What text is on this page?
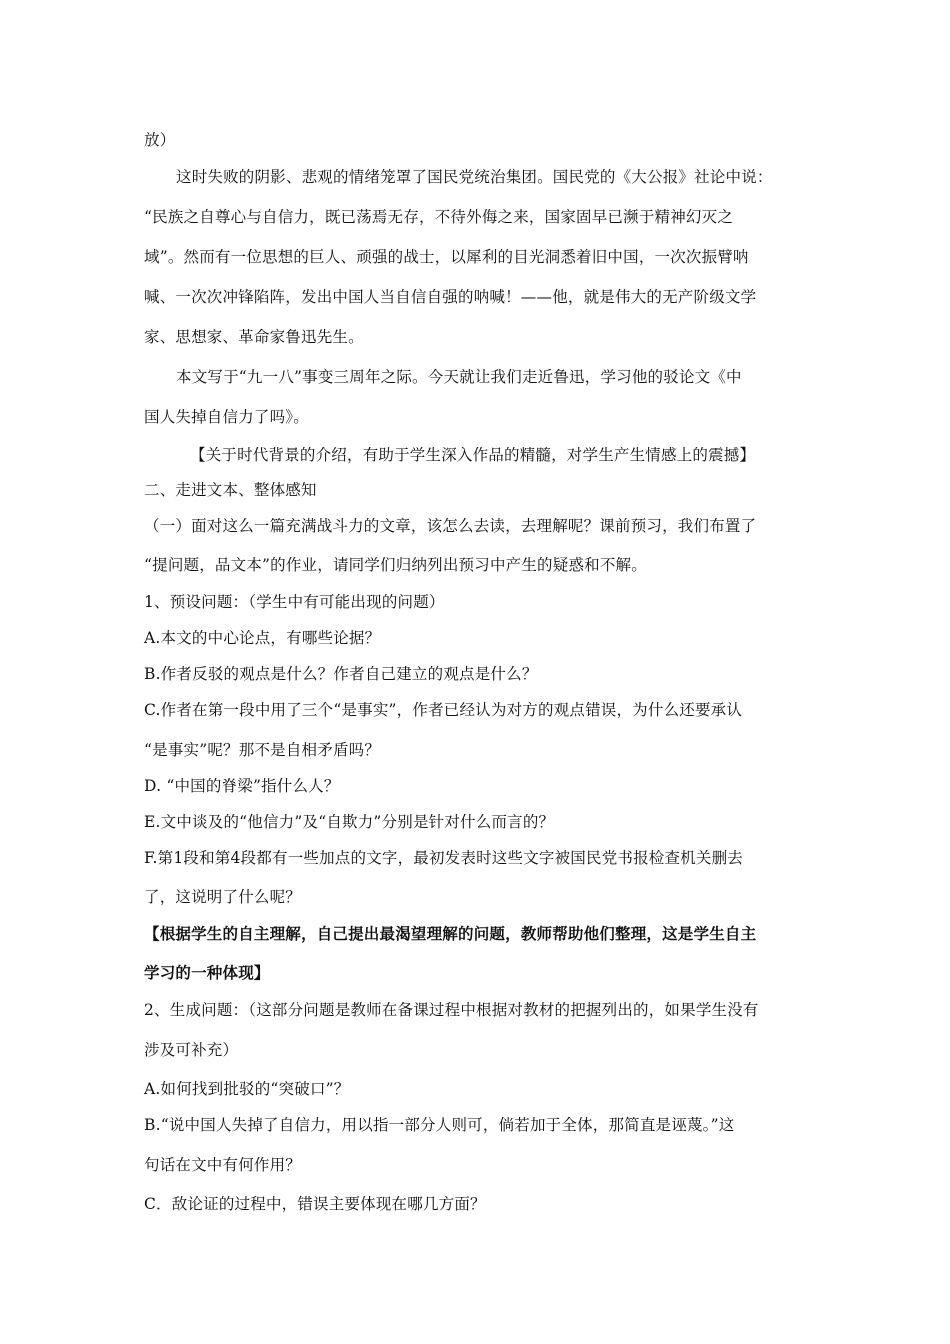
放）
这时失败的阴影、悲观的情绪笼罩了国民党统治集团。国民党的《大公报》社论中说：
“民族之自尊心与自信力，既已荡焉无存，不待外侮之来，国家固早已濒于精神幻灭之
域”。然而有一位思想的巨人、顽强的战士，以犀利的目光洞悉着旧中国，一次次振臂呐
喊、一次次冲锋陷阵，发出中国人当自信自强的呐喊！——他，就是伟大的无产阶级文学
家、思想家、革命家鲁迅先生。
本文写于“九一八”事变三周年之际。今天就让我们走近鲁迅，学习他的驳论文《中
国人失掉自信力了吗》。
【关于时代背景的介绍，有助于学生深入作品的精髓，对学生产生情感上的震撼】
二、走进文本、整体感知
（一）面对这么一篇充满战斗力的文章，该怎么去读，去理解呢？课前预习，我们布置了
“提问题，品文本”的作业，请同学们归纳列出预习中产生的疑惑和不解。
1、预设问题：（学生中有可能出现的问题）
A.本文的中心论点，有哪些论据？
B.作者反驳的观点是什么？作者自己建立的观点是什么？
C.作者在第一段中用了三个“是事实”，作者已经认为对方的观点错误，为什么还要承认
“是事实”呢？那不是自相矛盾吗？
D. “中国的脊梁”指什么人？
E.文中谈及的“他信力”及“自欺力”分别是针对什么而言的？
F.第1段和第4段都有一些加点的文字，最初发表时这些文字被国民党书报检查机关删去
了，这说明了什么呢？
【根据学生的自主理解，自己提出最渴望理解的问题，教师帮助他们整理，这是学生自主
学习的一种体现】
2、生成问题：（这部分问题是教师在备课过程中根据对教材的把握列出的，如果学生没有
涉及可补充）
A.如何找到批驳的“突破口”？
B.“说中国人失掉了自信力，用以指一部分人则可，倘若加于全体，那简直是诬蔑。”这
句话在文中有何作用？
C．敌论证的过程中，错误主要体现在哪几方面？
